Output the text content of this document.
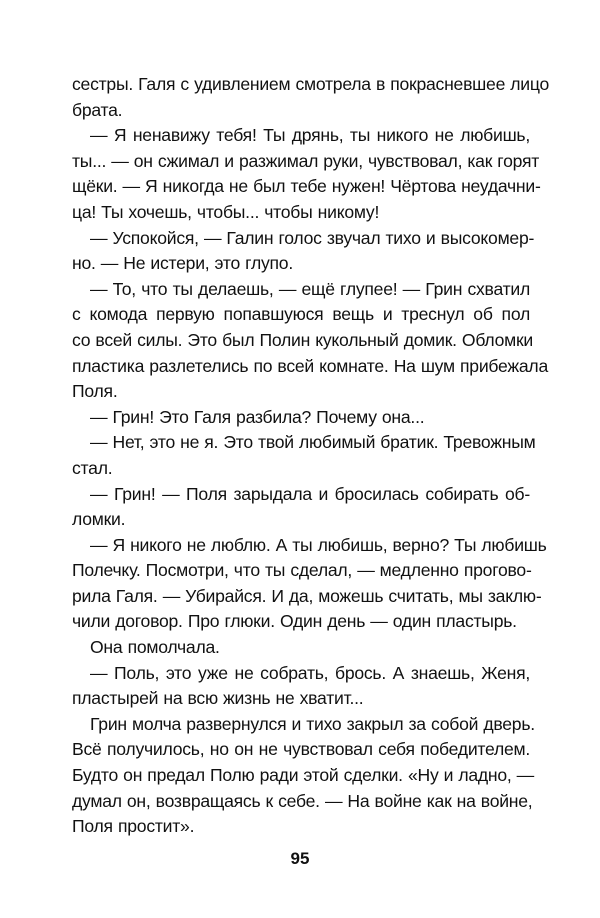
сестры. Галя с удивлением смотрела в покрасневшее лицо
брата.
— Я ненавижу тебя! Ты дрянь, ты никого не любишь,
ты... — он сжимал и разжимал руки, чувствовал, как горят
щёки. — Я никогда не был тебе нужен! Чёртова неудачни-
ца! Ты хочешь, чтобы... чтобы никому!
— Успокойся, — Галин голос звучал тихо и высокомер-
но. — Не истери, это глупо.
— То, что ты делаешь, — ещё глупее! — Грин схватил
с комода первую попавшуюся вещь и треснул об пол
со всей силы. Это был Полин кукольный домик. Обломки
пластика разлетелись по всей комнате. На шум прибежала
Поля.
— Грин! Это Галя разбила? Почему она...
— Нет, это не я. Это твой любимый братик. Тревожным
стал.
— Грин! — Поля зарыдала и бросилась собирать об-
ломки.
— Я никого не люблю. А ты любишь, верно? Ты любишь
Полечку. Посмотри, что ты сделал, — медленно прогово-
рила Галя. — Убирайся. И да, можешь считать, мы заклю-
чили договор. Про глюки. Один день — один пластырь.
Она помолчала.
— Поль, это уже не собрать, брось. А знаешь, Женя,
пластырей на всю жизнь не хватит...
Грин молча развернулся и тихо закрыл за собой дверь.
Всё получилось, но он не чувствовал себя победителем.
Будто он предал Полю ради этой сделки. «Ну и ладно, —
думал он, возвращаясь к себе. — На войне как на войне,
Поля простит».
95
